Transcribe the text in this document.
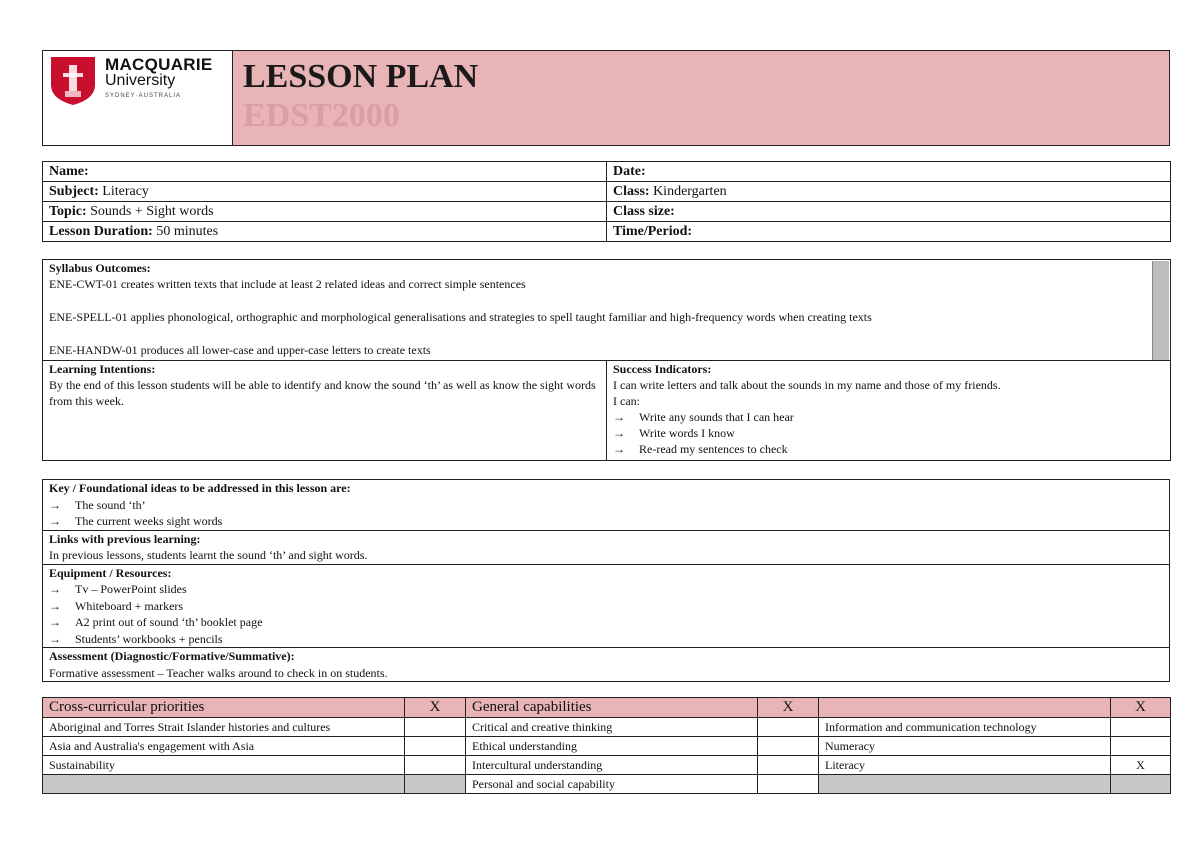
MACQUARIE
University
SYDNEY·AUSTRALIA

LESSON PLAN
EDST2000
Name:	Date:
Subject: Literacy	Class: Kindergarten
Topic: Sounds + Sight words	Class size:
Lesson Duration: 50 minutes	Time/Period:
Syllabus Outcomes:
ENE-CWT-01 creates written texts that include at least 2 related ideas and correct simple sentences
ENE-SPELL-01 applies phonological, orthographic and morphological generalisations and strategies to spell taught familiar and high-frequency words when creating texts
ENE-HANDW-01 produces all lower-case and upper-case letters to create texts

Learning Intentions:
By the end of this lesson students will be able to identify and know the sound ‘th’ as well as know the sight words from this week.

Success Indicators:
I can write letters and talk about the sounds in my name and those of my friends.
I can:
→ Write any sounds that I can hear
→ Write words I know
→ Re-read my sentences to check
Key / Foundational ideas to be addressed in this lesson are:
→ The sound ‘th’
→ The current weeks sight words

Links with previous learning:
In previous lessons, students learnt the sound ‘th’ and sight words.

Equipment / Resources:
→ Tv – PowerPoint slides
→ Whiteboard + markers
→ A2 print out of sound ‘th’ booklet page
→ Students’ workbooks + pencils

Assessment (Diagnostic/Formative/Summative):
Formative assessment – Teacher walks around to check in on students.
Cross-curricular priorities	X	General capabilities	X		X
Aboriginal and Torres Strait Islander histories and cultures		Critical and creative thinking		Information and communication technology	
Asia and Australia's engagement with Asia		Ethical understanding		Numeracy	
Sustainability		Intercultural understanding		Literacy	X
		Personal and social capability			
